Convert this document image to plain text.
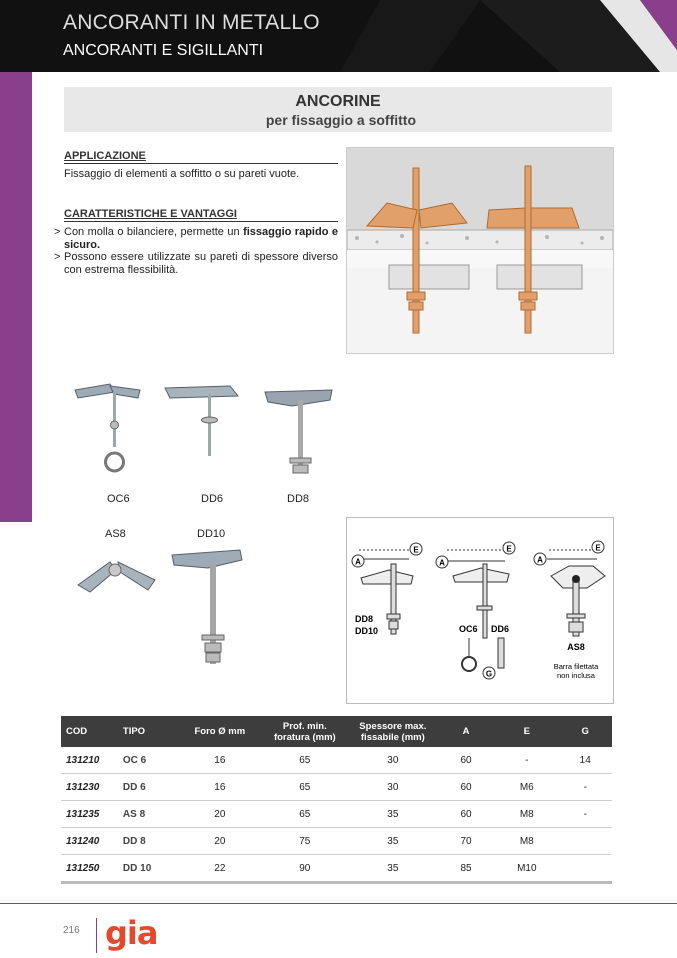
ANCORANTI IN METALLO
ANCORANTI E SIGILLANTI
ANCORINE
per fissaggio a soffitto
APPLICAZIONE
Fissaggio di elementi a soffitto o su pareti vuote.
CARATTERISTICHE E VANTAGGI
> Con molla o bilanciere, permette un fissaggio rapido e sicuro.
> Possono essere utilizzate su pareti di spessore diverso con estrema flessibilità.
OC6	DD6	DD8
AS8	DD10
A
E
DD8
DD10
A
E
OC6 DD6
G
A
E
AS8
Barra filettata
non inclusa
COD	TIPO	Foro Ø mm	Prof. min.
foratura (mm)	Spessore max.
fissabile (mm)	A	E	G
131210	OC 6	16	65	30	60	-	14
131230	DD 6	16	65	30	60	M6	-
131235	AS 8	20	65	35	60	M8	-
131240	DD 8	20	75	35	70	M8	
131250	DD 10	22	90	35	85	M10	
216 gia
